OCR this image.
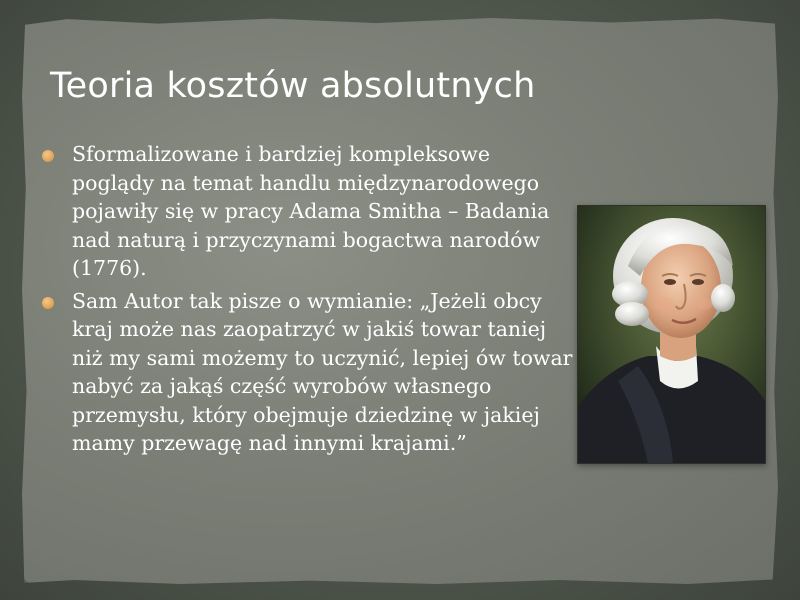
Teoria kosztów absolutnych
Sformalizowane i bardziej kompleksowe poglądy na temat handlu międzynarodowego pojawiły się w pracy Adama Smitha – Badania nad naturą i przyczynami bogactwa narodów (1776).
Sam Autor tak pisze o wymianie: „Jeżeli obcy kraj może nas zaopatrzyć w jakiś towar taniej niż my sami możemy to uczynić, lepiej ów towar nabyć za jakąś część wyrobów własnego przemysłu, który obejmuje dziedzinę w jakiej mamy przewagę nad innymi krajami.”
